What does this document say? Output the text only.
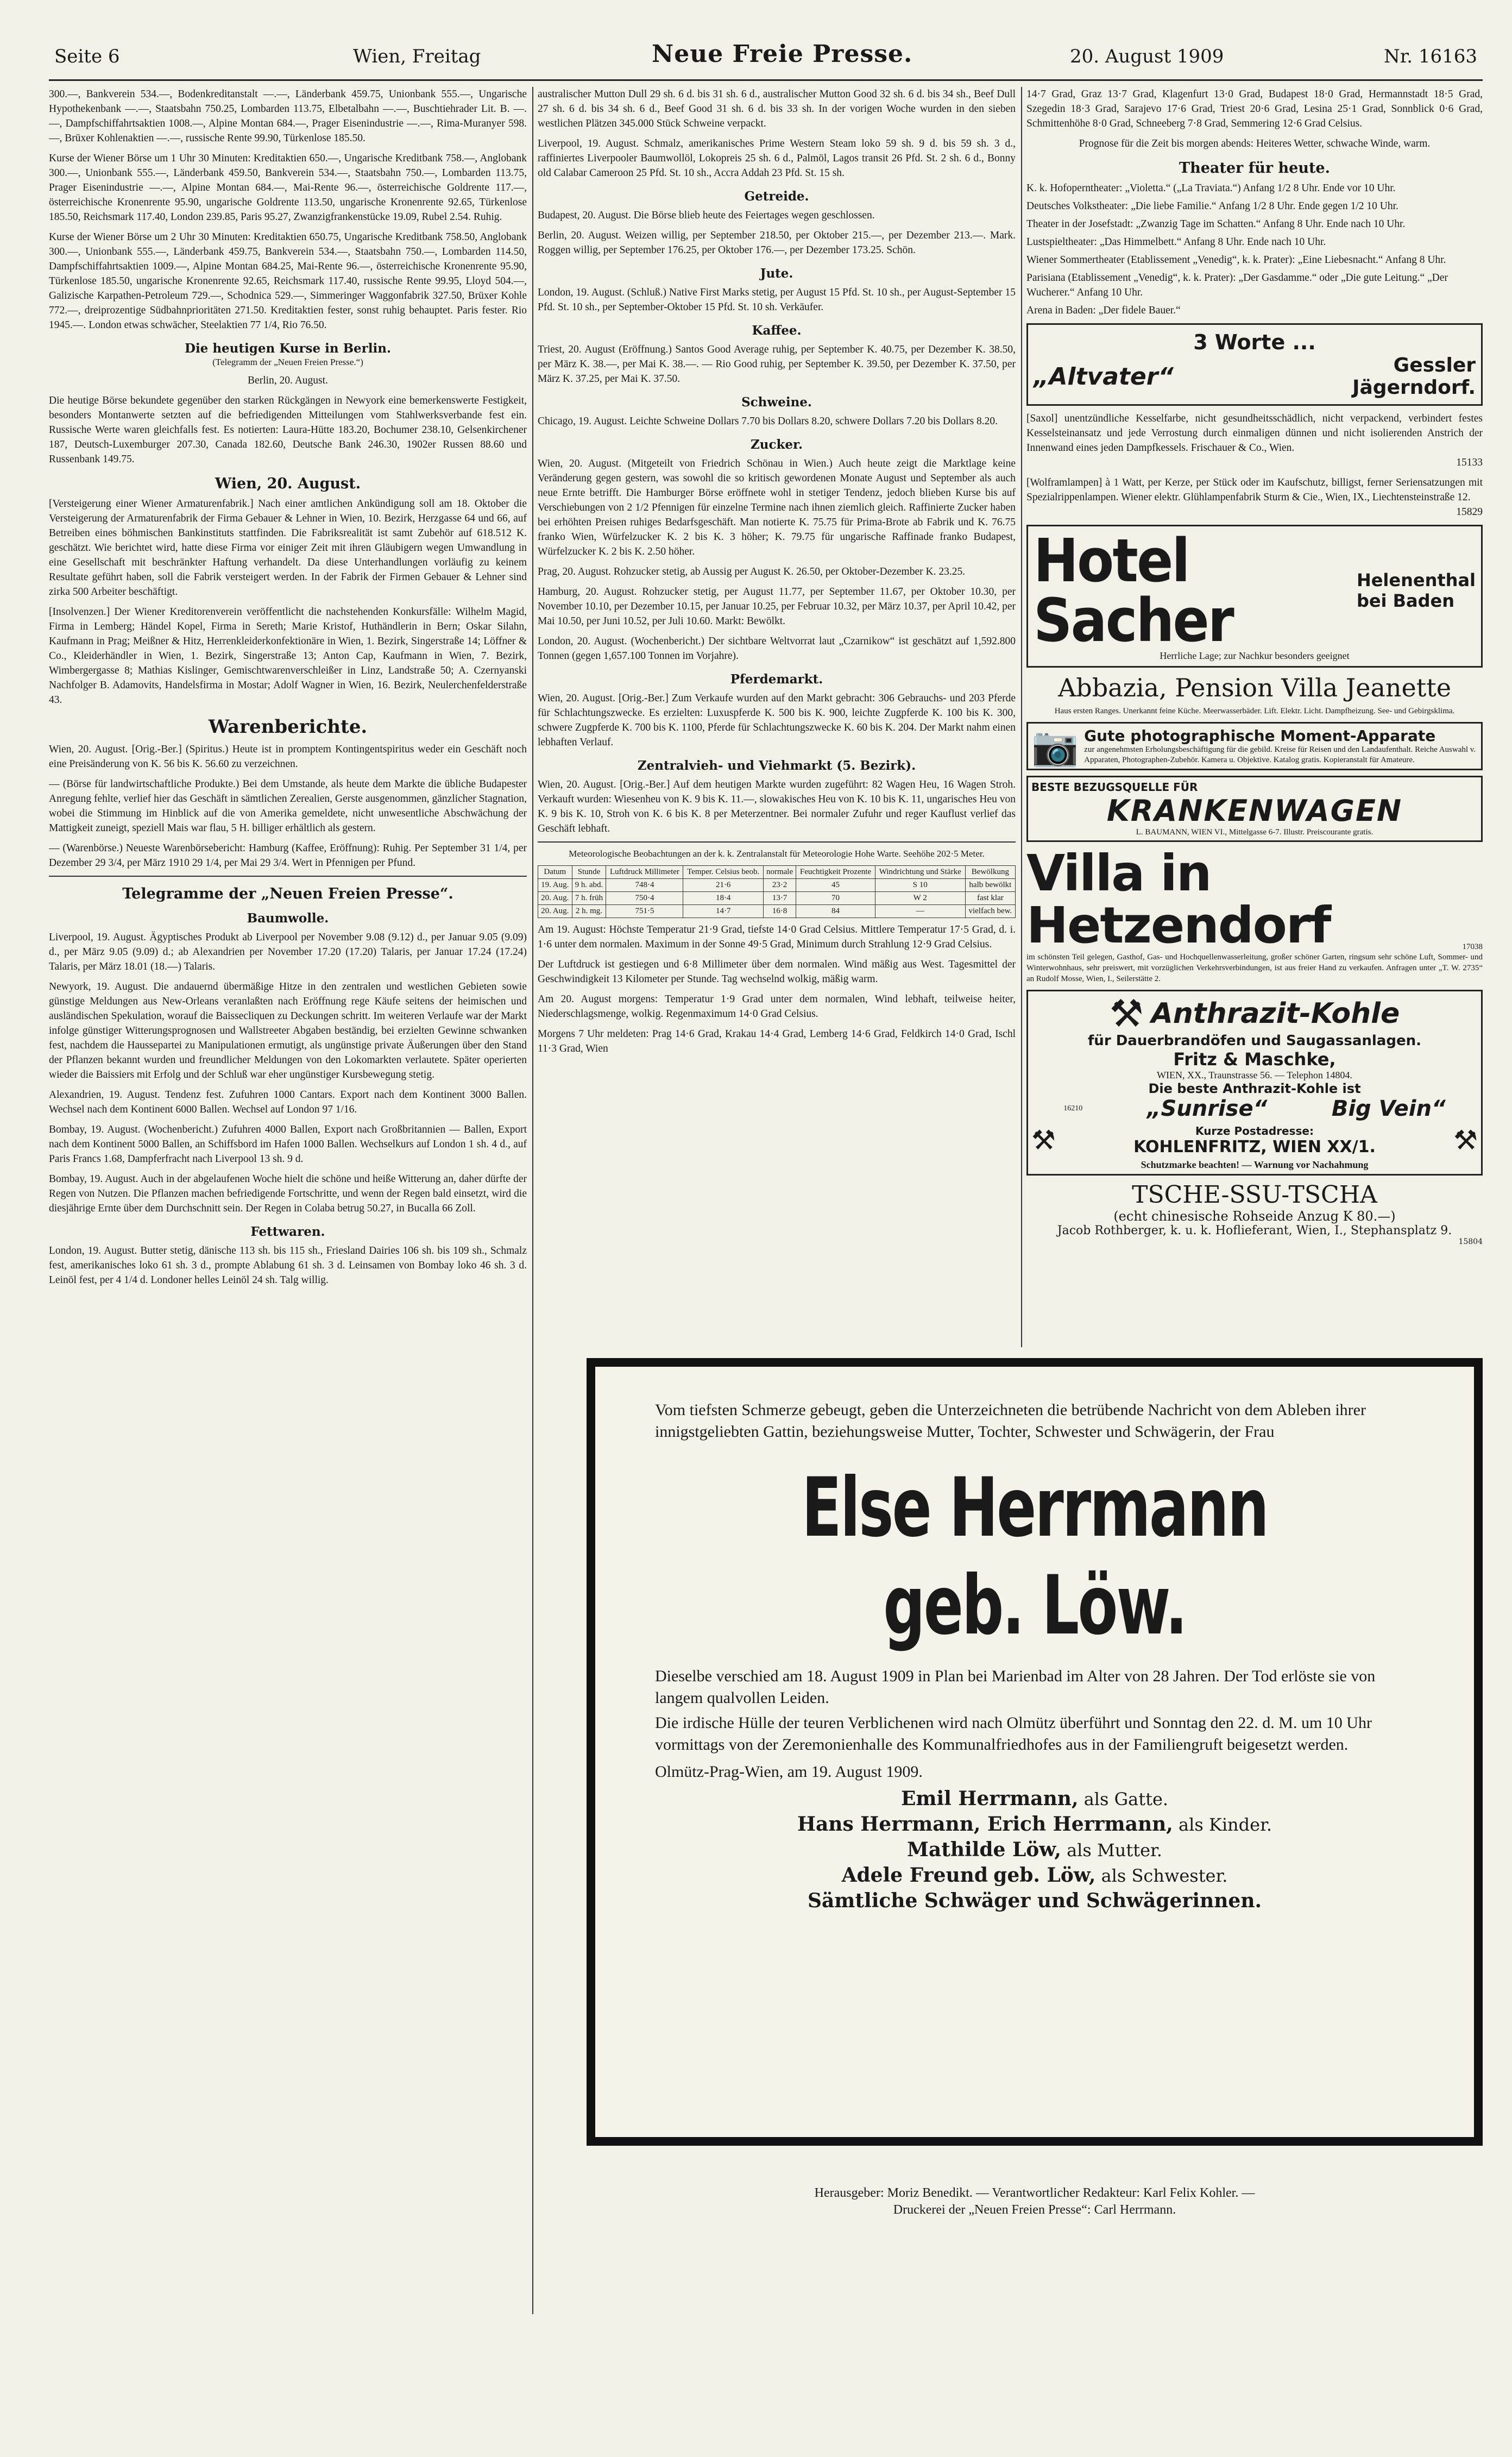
Seite 6	Wien, Freitag	Neue Freie Presse.	20. August 1909	Nr. 16163

300.—, Bankverein 534.—, Bodenkreditanstalt —.—, Länderbank 459.75, Unionbank 555.—, Ungarische Hypothekenbank —.—, Staatsbahn 750.25, Lombarden 113.75, Elbetalbahn —.—, Buschtiehrader Lit. B. —.—, Dampfschiffahrtsaktien 1008.—, Alpine Montan 684.—, Prager Eisenindustrie —.—, Rima-Muranyer 598.—, Brüxer Kohlenaktien —.—, russische Rente 99.90, Türkenlose 185.50.

Kurse der Wiener Börse um 1 Uhr 30 Minuten: Kreditaktien 650.—, Ungarische Kreditbank 758.—, Anglobank 300.—, Unionbank 555.—, Länderbank 459.50, Bankverein 534.—, Staatsbahn 750.—, Lombarden 113.75, Prager Eisenindustrie —.—, Alpine Montan 684.—, Mai-Rente 96.—, österreichische Goldrente 117.—, österreichische Kronenrente 95.90, ungarische Goldrente 113.50, ungarische Kronenrente 92.65, Türkenlose 185.50, Reichsmark 117.40, London 239.85, Paris 95.27, Zwanzigfrankenstücke 19.09, Rubel 2.54. Ruhig.

Kurse der Wiener Börse um 2 Uhr 30 Minuten: Kreditaktien 650.75, Ungarische Kreditbank 758.50, Anglobank 300.—, Unionbank 555.—, Länderbank 459.75, Bankverein 534.—, Staatsbahn 750.—, Lombarden 114.50, Dampfschiffahrtsaktien 1009.—, Alpine Montan 684.25, Mai-Rente 96.—, österreichische Kronenrente 95.90, Türkenlose 185.50, ungarische Kronenrente 92.65, Reichsmark 117.40, russische Rente 99.95, Lloyd 504.—, Galizische Karpathen-Petroleum 729.—, Schodnica 529.—, Simmeringer Waggonfabrik 327.50, Brüxer Kohle 772.—, dreiprozentige Südbahnprioritäten 271.50. Kreditaktien fester, sonst ruhig behauptet. Paris fester. Rio 1945.—. London etwas schwächer, Steelaktien 77 1/4, Rio 76.50.

Die heutigen Kurse in Berlin.
(Telegramm der „Neuen Freien Presse.“)

Berlin, 20. August.

Die heutige Börse bekundete gegenüber den starken Rückgängen in Newyork eine bemerkenswerte Festigkeit, besonders Montanwerte setzten auf die befriedigenden Mitteilungen vom Stahlwerksverbande fest ein. Russische Werte waren gleichfalls fest. Es notierten: Laura-Hütte 183.20, Bochumer 238.10, Gelsenkirchener 187, Deutsch-Luxemburger 207.30, Canada 182.60, Deutsche Bank 246.30, 1902er Russen 88.60 und Russenbank 149.75.

Wien, 20. August.

[Versteigerung einer Wiener Armaturenfabrik.] Nach einer amtlichen Ankündigung soll am 18. Oktober die Versteigerung der Armaturenfabrik der Firma Gebauer & Lehner in Wien, 10. Bezirk, Herzgasse 64 und 66, auf Betreiben eines böhmischen Bankinstituts stattfinden. Die Fabriksrealität ist samt Zubehör auf 618.512 K. geschätzt. Wie berichtet wird, hatte diese Firma vor einiger Zeit mit ihren Gläubigern wegen Umwandlung in eine Gesellschaft mit beschränkter Haftung verhandelt. Da diese Unterhandlungen vorläufig zu keinem Resultate geführt haben, soll die Fabrik versteigert werden. In der Fabrik der Firmen Gebauer & Lehner sind zirka 500 Arbeiter beschäftigt.

[Insolvenzen.] Der Wiener Kreditorenverein veröffentlicht die nachstehenden Konkursfälle: Wilhelm Magid, Firma in Lemberg; Händel Kopel, Firma in Sereth; Marie Kristof, Huthändlerin in Bern; Oskar Silahn, Kaufmann in Prag; Meißner & Hitz, Herrenkleiderkonfektionäre in Wien, 1. Bezirk, Singerstraße 14; Löffner & Co., Kleiderhändler in Wien, 1. Bezirk, Singerstraße 13; Anton Cap, Kaufmann in Wien, 7. Bezirk, Wimbergergasse 8; Mathias Kislinger, Gemischtwarenverschleißer in Linz, Landstraße 50; A. Czernyanski Nachfolger B. Adamovits, Handelsfirma in Mostar; Adolf Wagner in Wien, 16. Bezirk, Neulerchenfelderstraße 43.

Warenberichte.

Wien, 20. August. [Orig.-Ber.] (Spiritus.) Heute ist in promptem Kontingentspiritus weder ein Geschäft noch eine Preisänderung von K. 56 bis K. 56.60 zu verzeichnen.

— (Börse für landwirtschaftliche Produkte.) Bei dem Umstande, als heute dem Markte die übliche Budapester Anregung fehlte, verlief hier das Geschäft in sämtlichen Zerealien, Gerste ausgenommen, gänzlicher Stagnation, wobei die Stimmung im Hinblick auf die von Amerika gemeldete, nicht unwesentliche Abschwächung der Mattigkeit zuneigt, speziell Mais war flau, 5 H. billiger erhältlich als gestern.

— (Warenbörse.) Neueste Warenbörsebericht: Hamburg (Kaffee, Eröffnung): Ruhig. Per September 31 1/4, per Dezember 29 3/4, per März 1910 29 1/4, per Mai 29 3/4. Wert in Pfennigen per Pfund.

Telegramme der „Neuen Freien Presse“.
Baumwolle.

Liverpool, 19. August. Ägyptisches Produkt ab Liverpool per November 9.08 (9.12) d., per Januar 9.05 (9.09) d., per März 9.05 (9.09) d.; ab Alexandrien per November 17.20 (17.20) Talaris, per Januar 17.24 (17.24) Talaris, per März 18.01 (18.—) Talaris.

Newyork, 19. August. Die andauernd übermäßige Hitze in den zentralen und westlichen Gebieten sowie günstige Meldungen aus New-Orleans veranlaßten nach Eröffnung rege Käufe seitens der heimischen und ausländischen Spekulation, worauf die Baissecliquen zu Deckungen schritt. Im weiteren Verlaufe war der Markt infolge günstiger Witterungsprognosen und Wallstreeter Abgaben beständig, bei erzielten Gewinne schwanken fest, nachdem die Haussepartei zu Manipulationen ermutigt, als ungünstige private Äußerungen über den Stand der Pflanzen bekannt wurden und freundlicher Meldungen von den Lokomarkten verlautete. Später operierten wieder die Baissiers mit Erfolg und der Schluß war eher ungünstiger Kursbewegung stetig.

Alexandrien, 19. August. Tendenz fest. Zufuhren 1000 Cantars. Export nach dem Kontinent 3000 Ballen. Wechsel nach dem Kontinent 6000 Ballen. Wechsel auf London 97 1/16.

Bombay, 19. August. (Wochenbericht.) Zufuhren 4000 Ballen, Export nach Großbritannien — Ballen, Export nach dem Kontinent 5000 Ballen, an Schiffsbord im Hafen 1000 Ballen. Wechselkurs auf London 1 sh. 4 d., auf Paris Francs 1.68, Dampferfracht nach Liverpool 13 sh. 9 d.

Bombay, 19. August. Auch in der abgelaufenen Woche hielt die schöne und heiße Witterung an, daher dürfte der Regen von Nutzen. Die Pflanzen machen befriedigende Fortschritte, und wenn der Regen bald einsetzt, wird die diesjährige Ernte über dem Durchschnitt sein. Der Regen in Colaba betrug 50.27, in Bucalla 66 Zoll.

Fettwaren.

London, 19. August. Butter stetig, dänische 113 sh. bis 115 sh., Friesland Dairies 106 sh. bis 109 sh., Schmalz fest, amerikanisches loko 61 sh. 3 d., prompte Ablabung 61 sh. 3 d. Leinsamen von Bombay loko 46 sh. 3 d. Leinöl fest, per 4 1/4 d. Londoner helles Leinöl 24 sh. Talg willig.

australischer Mutton Dull 29 sh. 6 d. bis 31 sh. 6 d., australischer Mutton Good 32 sh. 6 d. bis 34 sh., Beef Dull 27 sh. 6 d. bis 34 sh. 6 d., Beef Good 31 sh. 6 d. bis 33 sh. In der vorigen Woche wurden in den sieben westlichen Plätzen 345.000 Stück Schweine verpackt.

Liverpool, 19. August. Schmalz, amerikanisches Prime Western Steam loko 59 sh. 9 d. bis 59 sh. 3 d., raffiniertes Liverpooler Baumwollöl, Lokopreis 25 sh. 6 d., Palmöl, Lagos transit 26 Pfd. St. 2 sh. 6 d., Bonny old Calabar Cameroon 25 Pfd. St. 10 sh., Accra Addah 23 Pfd. St. 15 sh.

Getreide.

Budapest, 20. August. Die Börse blieb heute des Feiertages wegen geschlossen.

Berlin, 20. August. Weizen willig, per September 218.50, per Oktober 215.—, per Dezember 213.—. Mark. Roggen willig, per September 176.25, per Oktober 176.—, per Dezember 173.25. Schön.

Jute.

London, 19. August. (Schluß.) Native First Marks stetig, per August 15 Pfd. St. 10 sh., per August-September 15 Pfd. St. 10 sh., per September-Oktober 15 Pfd. St. 10 sh. Verkäufer.

Kaffee.

Triest, 20. August (Eröffnung.) Santos Good Average ruhig, per September K. 40.75, per Dezember K. 38.50, per März K. 38.—, per Mai K. 38.—. — Rio Good ruhig, per September K. 39.50, per Dezember K. 37.50, per März K. 37.25, per Mai K. 37.50.

Schweine.

Chicago, 19. August. Leichte Schweine Dollars 7.70 bis Dollars 8.20, schwere Dollars 7.20 bis Dollars 8.20.

Zucker.

Wien, 20. August. (Mitgeteilt von Friedrich Schönau in Wien.) Auch heute zeigt die Marktlage keine Veränderung gegen gestern, was sowohl die so kritisch gewordenen Monate August und September als auch neue Ernte betrifft. Die Hamburger Börse eröffnete wohl in stetiger Tendenz, jedoch blieben Kurse bis auf Verschiebungen von 2 1/2 Pfennigen für einzelne Termine nach ihnen ziemlich gleich. Raffinierte Zucker haben bei erhöhten Preisen ruhiges Bedarfsgeschäft. Man notierte K. 75.75 für Prima-Brote ab Fabrik und K. 76.75 franko Wien, Würfelzucker K. 2 bis K. 3 höher; K. 79.75 für ungarische Raffinade franko Budapest, Würfelzucker K. 2 bis K. 2.50 höher.

Prag, 20. August. Rohzucker stetig, ab Aussig per August K. 26.50, per Oktober-Dezember K. 23.25.

Hamburg, 20. August. Rohzucker stetig, per August 11.77, per September 11.67, per Oktober 10.30, per November 10.10, per Dezember 10.15, per Januar 10.25, per Februar 10.32, per März 10.37, per April 10.42, per Mai 10.50, per Juni 10.52, per Juli 10.60. Markt: Bewölkt.

London, 20. August. (Wochenbericht.) Der sichtbare Weltvorrat laut „Czarnikow“ ist geschätzt auf 1,592.800 Tonnen (gegen 1,657.100 Tonnen im Vorjahre).

Pferdemarkt.

Wien, 20. August. [Orig.-Ber.] Zum Verkaufe wurden auf den Markt gebracht: 306 Gebrauchs- und 203 Pferde für Schlachtungszwecke. Es erzielten: Luxuspferde K. 500 bis K. 900, leichte Zugpferde K. 100 bis K. 300, schwere Zugpferde K. 700 bis K. 1100, Pferde für Schlachtungszwecke K. 60 bis K. 204. Der Markt nahm einen lebhaften Verlauf.

Zentralvieh- und Viehmarkt (5. Bezirk).

Wien, 20. August. [Orig.-Ber.] Auf dem heutigen Markte wurden zugeführt: 82 Wagen Heu, 16 Wagen Stroh. Verkauft wurden: Wiesenheu von K. 9 bis K. 11.—, slowakisches Heu von K. 10 bis K. 11, ungarisches Heu von K. 9 bis K. 10, Stroh von K. 6 bis K. 8 per Meterzentner. Bei normaler Zufuhr und reger Kauflust verlief das Geschäft lebhaft.

Meteorologische Beobachtungen an der k. k. Zentralanstalt für Meteorologie Hohe Warte. Seehöhe 202·5 Meter.

Datum	Stunde	Luftdruck Millimeter	Temper. Celsius beob.	normale	Feuchtigkeit Prozente	Windrichtung und Stärke	Bewölkung
19. Aug.	9 h. abd.	748·4	21·6	23·2	45	S 10	halb bewölkt
20. Aug.	7 h. früh	750·4	18·4	13·7	70	W 2	fast klar
20. Aug.	2 h. mg.	751·5	14·7	16·8	84	—	vielfach bew.

Am 19. August: Höchste Temperatur 21·9 Grad, tiefste 14·0 Grad Celsius. Mittlere Temperatur 17·5 Grad, d. i. 1·6 unter dem normalen. Maximum in der Sonne 49·5 Grad, Minimum durch Strahlung 12·9 Grad Celsius.

Der Luftdruck ist gestiegen und 6·8 Millimeter über dem normalen. Wind mäßig aus West. Tagesmittel der Geschwindigkeit 13 Kilometer per Stunde. Tag wechselnd wolkig, mäßig warm.

Am 20. August morgens: Temperatur 1·9 Grad unter dem normalen, Wind lebhaft, teilweise heiter, Niederschlagsmenge, wolkig. Regenmaximum 14·0 Grad Celsius.

Morgens 7 Uhr meldeten: Prag 14·6 Grad, Krakau 14·4 Grad, Lemberg 14·6 Grad, Feldkirch 14·0 Grad, Ischl 11·3 Grad, Wien

14·7 Grad, Graz 13·7 Grad, Klagenfurt 13·0 Grad, Budapest 18·0 Grad, Hermannstadt 18·5 Grad, Szegedin 18·3 Grad, Sarajevo 17·6 Grad, Triest 20·6 Grad, Lesina 25·1 Grad, Sonnblick 0·6 Grad, Schmittenhöhe 8·0 Grad, Schneeberg 7·8 Grad, Semmering 12·6 Grad Celsius.

Prognose für die Zeit bis morgen abends: Heiteres Wetter, schwache Winde, warm.

Theater für heute.

K. k. Hofoperntheater: „Violetta.“ („La Traviata.“) Anfang 1/2 8 Uhr. Ende vor 10 Uhr.

Deutsches Volkstheater: „Die liebe Familie.“ Anfang 1/2 8 Uhr. Ende gegen 1/2 10 Uhr.

Theater in der Josefstadt: „Zwanzig Tage im Schatten.“ Anfang 8 Uhr. Ende nach 10 Uhr.

Lustspieltheater: „Das Himmelbett.“ Anfang 8 Uhr. Ende nach 10 Uhr.

Wiener Sommertheater (Etablissement „Venedig“, k. k. Prater): „Eine Liebesnacht.“ Anfang 8 Uhr.

Parisiana (Etablissement „Venedig“, k. k. Prater): „Der Gasdamme.“ oder „Die gute Leitung.“ „Der Wucherer.“ Anfang 10 Uhr.

Arena in Baden: „Der fidele Bauer.“

3 Worte ...
„Altvater“	Gessler
Jägerndorf.

[Saxol] unentzündliche Kesselfarbe, nicht gesundheitsschädlich, nicht verpackend, verbindert festes Kesselsteinansatz und jede Verrostung durch einmaligen dünnen und nicht isolierenden Anstrich der Innenwand eines jeden Dampfkessels. Frischauer & Co., Wien.

15133

[Wolframlampen] à 1 Watt, per Kerze, per Stück oder im Kaufschutz, billigst, ferner Seriensatzungen mit Spezialrippenlampen. Wiener elektr. Glühlampenfabrik Sturm & Cie., Wien, IX., Liechtensteinstraße 12.

15829

Hotel Sacher
Helenenthal
bei Baden
Herrliche Lage; zur Nachkur besonders geeignet
Abbazia, Pension Villa Jeanette

Haus ersten Ranges. Unerkannt feine Küche. Meerwasserbäder. Lift. Elektr. Licht. Dampfheizung. See- und Gebirgsklima.

📷 Gute photographische Moment-Apparate
zur angenehmsten Erholungsbeschäftigung für die gebild. Kreise für Reisen und den Landaufenthalt. Reiche Auswahl v. Apparaten, Photographen-Zubehör. Kamera u. Objektive. Katalog gratis. Kopieranstalt für Amateure.
BESTE BEZUGSQUELLE FÜR
KRANKENWAGEN
L. BAUMANN, WIEN VI., Mittelgasse 6-7. Illustr. Preiscourante gratis.
Villa in Hetzendorf	17038

im schönsten Teil gelegen, Gasthof, Gas- und Hochquellenwasserleitung, großer schöner Garten, ringsum sehr schöne Luft, Sommer- und Winterwohnhaus, sehr preiswert, mit vorzüglichen Verkehrsverbindungen, ist aus freier Hand zu verkaufen. Anfragen unter „T. W. 2735“ an Rudolf Mosse, Wien, I., Seilerstätte 2.

⚒ Anthrazit-Kohle
für Dauerbrandöfen und Saugassanlagen.
Fritz & Maschke,
WIEN, XX., Traunstrasse 56. — Telephon 14804.
Die beste Anthrazit-Kohle ist
16210	„Sunrise“	Big Vein“
⚒	Kurze Postadresse:
KOHLENFRITZ, WIEN XX/1.	⚒
Schutzmarke beachten! — Warnung vor Nachahmung
TSCHE-SSU-TSCHA
(echt chinesische Rohseide Anzug K 80.—)
Jacob Rothberger, k. u. k. Hoflieferant, Wien, I., Stephansplatz 9.
15804

Vom tiefsten Schmerze gebeugt, geben die Unterzeichneten die betrübende Nachricht von dem Ableben ihrer innigstgeliebten Gattin, beziehungsweise Mutter, Tochter, Schwester und Schwägerin, der Frau

Else Herrmann geb. Löw.

Dieselbe verschied am 18. August 1909 in Plan bei Marienbad im Alter von 28 Jahren. Der Tod erlöste sie von langem qualvollen Leiden.

Die irdische Hülle der teuren Verblichenen wird nach Olmütz überführt und Sonntag den 22. d. M. um 10 Uhr vormittags von der Zeremonienhalle des Kommunalfriedhofes aus in der Familiengruft beigesetzt werden.

Olmütz-Prag-Wien, am 19. August 1909.

Emil Herrmann, als Gatte.
Hans Herrmann, Erich Herrmann, als Kinder.
Mathilde Löw, als Mutter.
Adele Freund geb. Löw, als Schwester.
Sämtliche Schwäger und Schwägerinnen.
Herausgeber: Moriz Benedikt. — Verantwortlicher Redakteur: Karl Felix Kohler. —
Druckerei der „Neuen Freien Presse“: Carl Herrmann.
